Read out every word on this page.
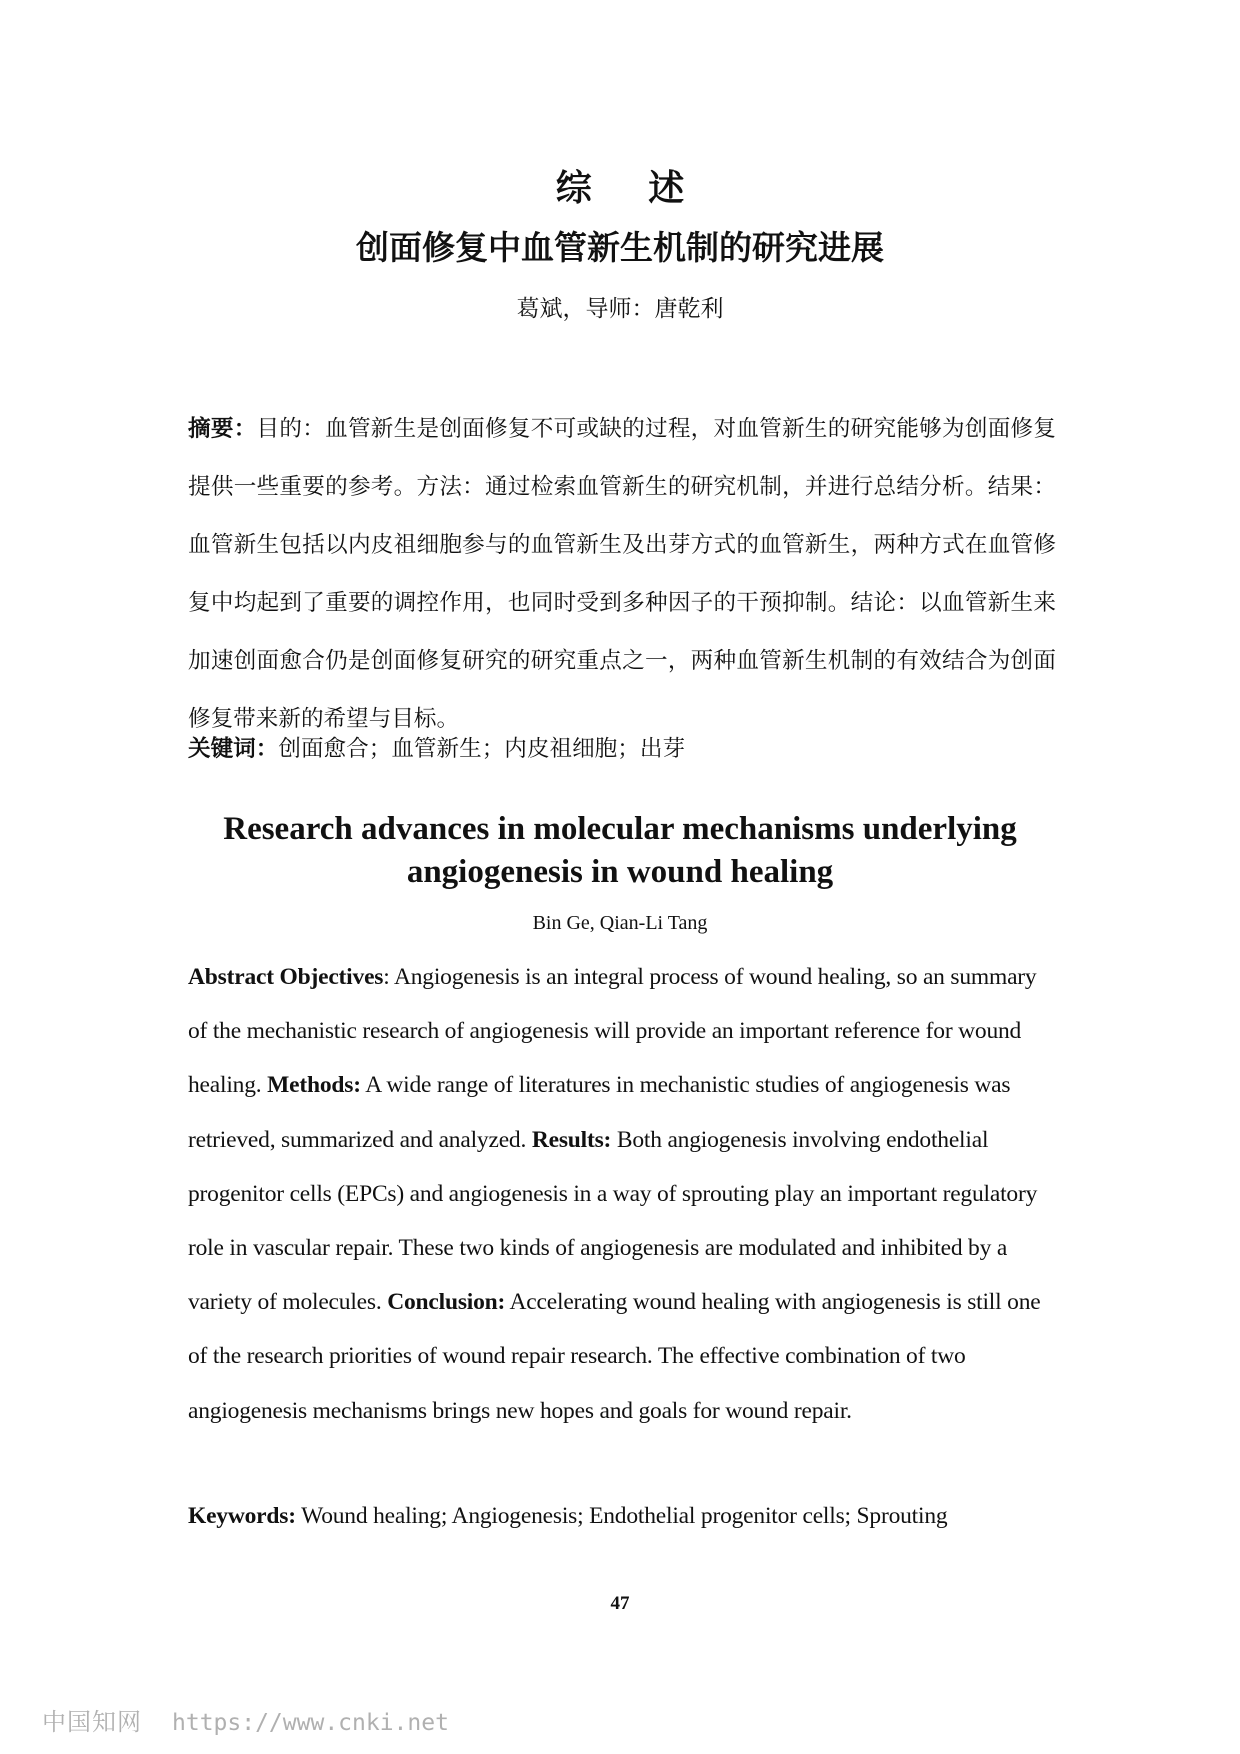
综 述
创面修复中血管新生机制的研究进展
葛斌，导师：唐乾利

摘要：目的：血管新生是创面修复不可或缺的过程，对血管新生的研究能够为创面修复提供一些重要的参考。方法：通过检索血管新生的研究机制，并进行总结分析。结果：血管新生包括以内皮祖细胞参与的血管新生及出芽方式的血管新生，两种方式在血管修复中均起到了重要的调控作用，也同时受到多种因子的干预抑制。结论：以血管新生来加速创面愈合仍是创面修复研究的研究重点之一，两种血管新生机制的有效结合为创面修复带来新的希望与目标。

关键词：创面愈合；血管新生；内皮祖细胞；出芽

Research advances in molecular mechanisms underlying
angiogenesis in wound healing
Bin Ge, Qian-Li Tang

Abstract Objectives: Angiogenesis is an integral process of wound healing, so an summary of the mechanistic research of angiogenesis will provide an important reference for wound healing. Methods: A wide range of literatures in mechanistic studies of angiogenesis was retrieved, summarized and analyzed. Results: Both angiogenesis involving endothelial progenitor cells (EPCs) and angiogenesis in a way of sprouting play an important regulatory role in vascular repair. These two kinds of angiogenesis are modulated and inhibited by a variety of molecules. Conclusion: Accelerating wound healing with angiogenesis is still one of the research priorities of wound repair research. The effective combination of two angiogenesis mechanisms brings new hopes and goals for wound repair.

Keywords: Wound healing; Angiogenesis; Endothelial progenitor cells; Sprouting

47
中国知网 https://www.cnki.net
